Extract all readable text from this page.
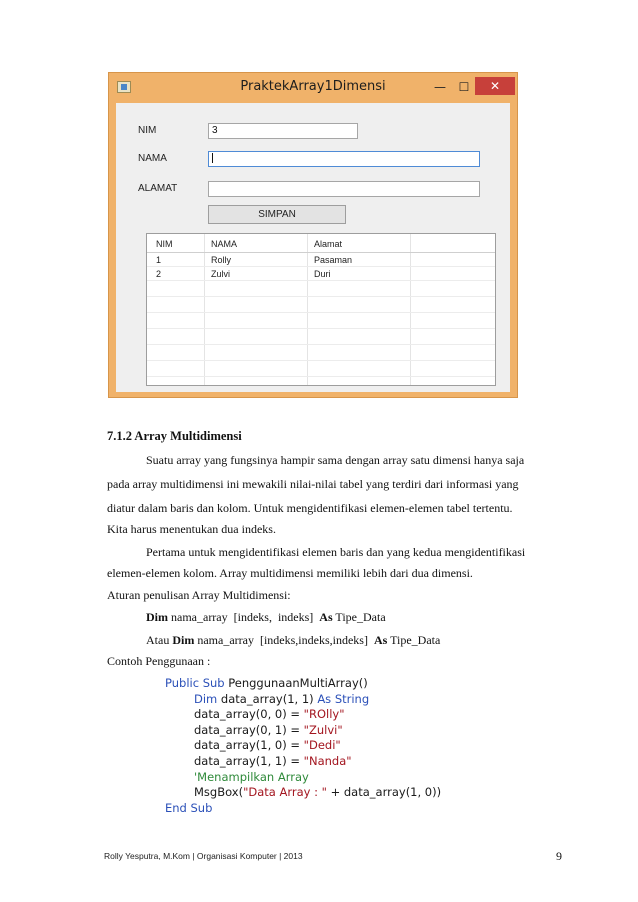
PraktekArray1Dimensi	—	☐	✕
NIM	3
NAMA
ALAMAT
SIMPAN
NIM	NAMA	Alamat
1	Rolly	Pasaman
2	Zulvi	Duri
7.1.2 Array Multidimensi
Suatu array yang fungsinya hampir sama dengan array satu dimensi hanya saja
pada array multidimensi ini mewakili nilai-nilai tabel yang terdiri dari informasi yang
diatur dalam baris dan kolom. Untuk mengidentifikasi elemen-elemen tabel tertentu.
Kita harus menentukan dua indeks.
Pertama untuk mengidentifikasi elemen baris dan yang kedua mengidentifikasi
elemen-elemen kolom. Array multidimensi memiliki lebih dari dua dimensi.
Aturan penulisan Array Multidimensi:
Dim nama_array  [indeks,  indeks]  As Tipe_Data
Atau Dim nama_array  [indeks,indeks,indeks]  As Tipe_Data
Contoh Penggunaan :
Public Sub PenggunaanMultiArray()
Dim data_array(1, 1) As String
data_array(0, 0) = "ROlly"
data_array(0, 1) = "Zulvi"
data_array(1, 0) = "Dedi"
data_array(1, 1) = "Nanda"
'Menampilkan Array
MsgBox("Data Array : " + data_array(1, 0))
End Sub
Rolly Yesputra, M.Kom | Organisasi Komputer | 2013	9
